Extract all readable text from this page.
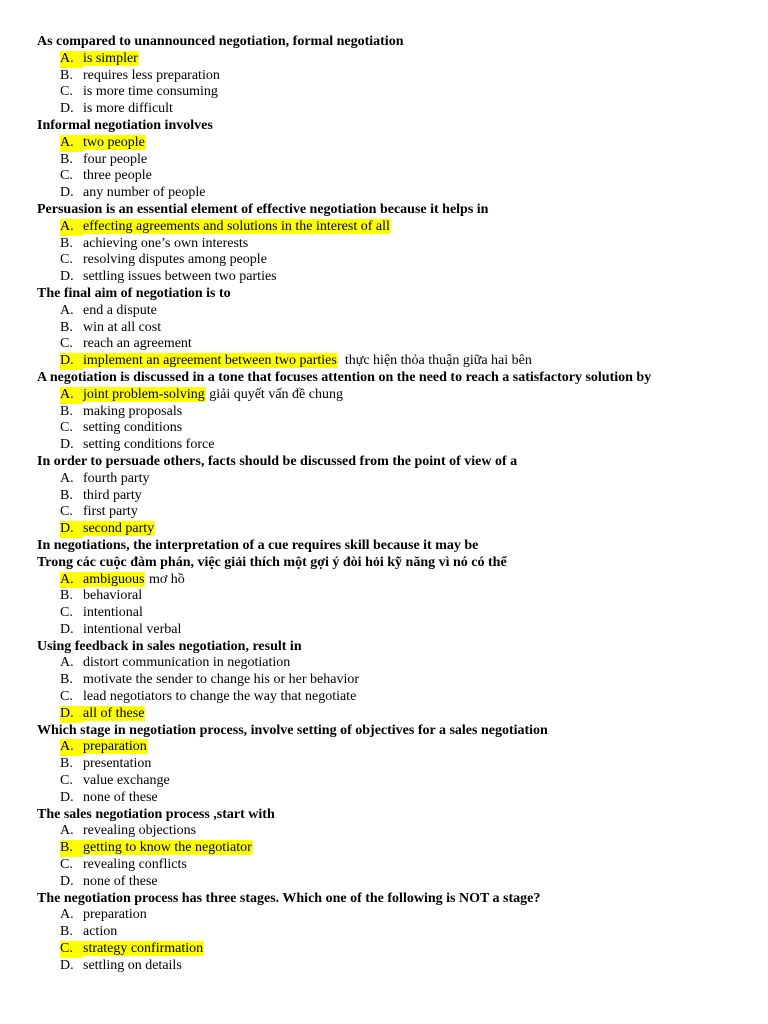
As compared to unannounced negotiation, formal negotiation
A. is simpler
B. requires less preparation
C. is more time consuming
D. is more difficult
Informal negotiation involves
A. two people
B. four people
C. three people
D. any number of people
Persuasion is an essential element of effective negotiation because it helps in
A. effecting agreements and solutions in the interest of all
B. achieving one’s own interests
C. resolving disputes among people
D. settling issues between two parties
The final aim of negotiation is to
A. end a dispute
B. win at all cost
C. reach an agreement
D. implement an agreement between two parties  thực hiện thỏa thuận giữa hai bên
A negotiation is discussed in a tone that focuses attention on the need to reach a satisfactory solution by
A. joint problem-solving giải quyết vấn đề chung
B. making proposals
C. setting conditions
D. setting conditions force
In order to persuade others, facts should be discussed from the point of view of a
A. fourth party
B. third party
C. first party
D. second party
In negotiations, the interpretation of a cue requires skill because it may be
Trong các cuộc đàm phán, việc giải thích một gợi ý đòi hỏi kỹ năng vì nó có thể
A. ambiguous mơ hồ
B. behavioral
C. intentional
D. intentional verbal
Using feedback in sales negotiation, result in
A. distort communication in negotiation
B. motivate the sender to change his or her behavior
C. lead negotiators to change the way that negotiate
D. all of these
Which stage in negotiation process, involve setting of objectives for a sales negotiation
A. preparation
B. presentation
C. value exchange
D. none of these
The sales negotiation process ,start with
A. revealing objections
B. getting to know the negotiator
C. revealing conflicts
D. none of these
The negotiation process has three stages. Which one of the following is NOT a stage?
A. preparation
B. action
C. strategy confirmation
D. settling on details
